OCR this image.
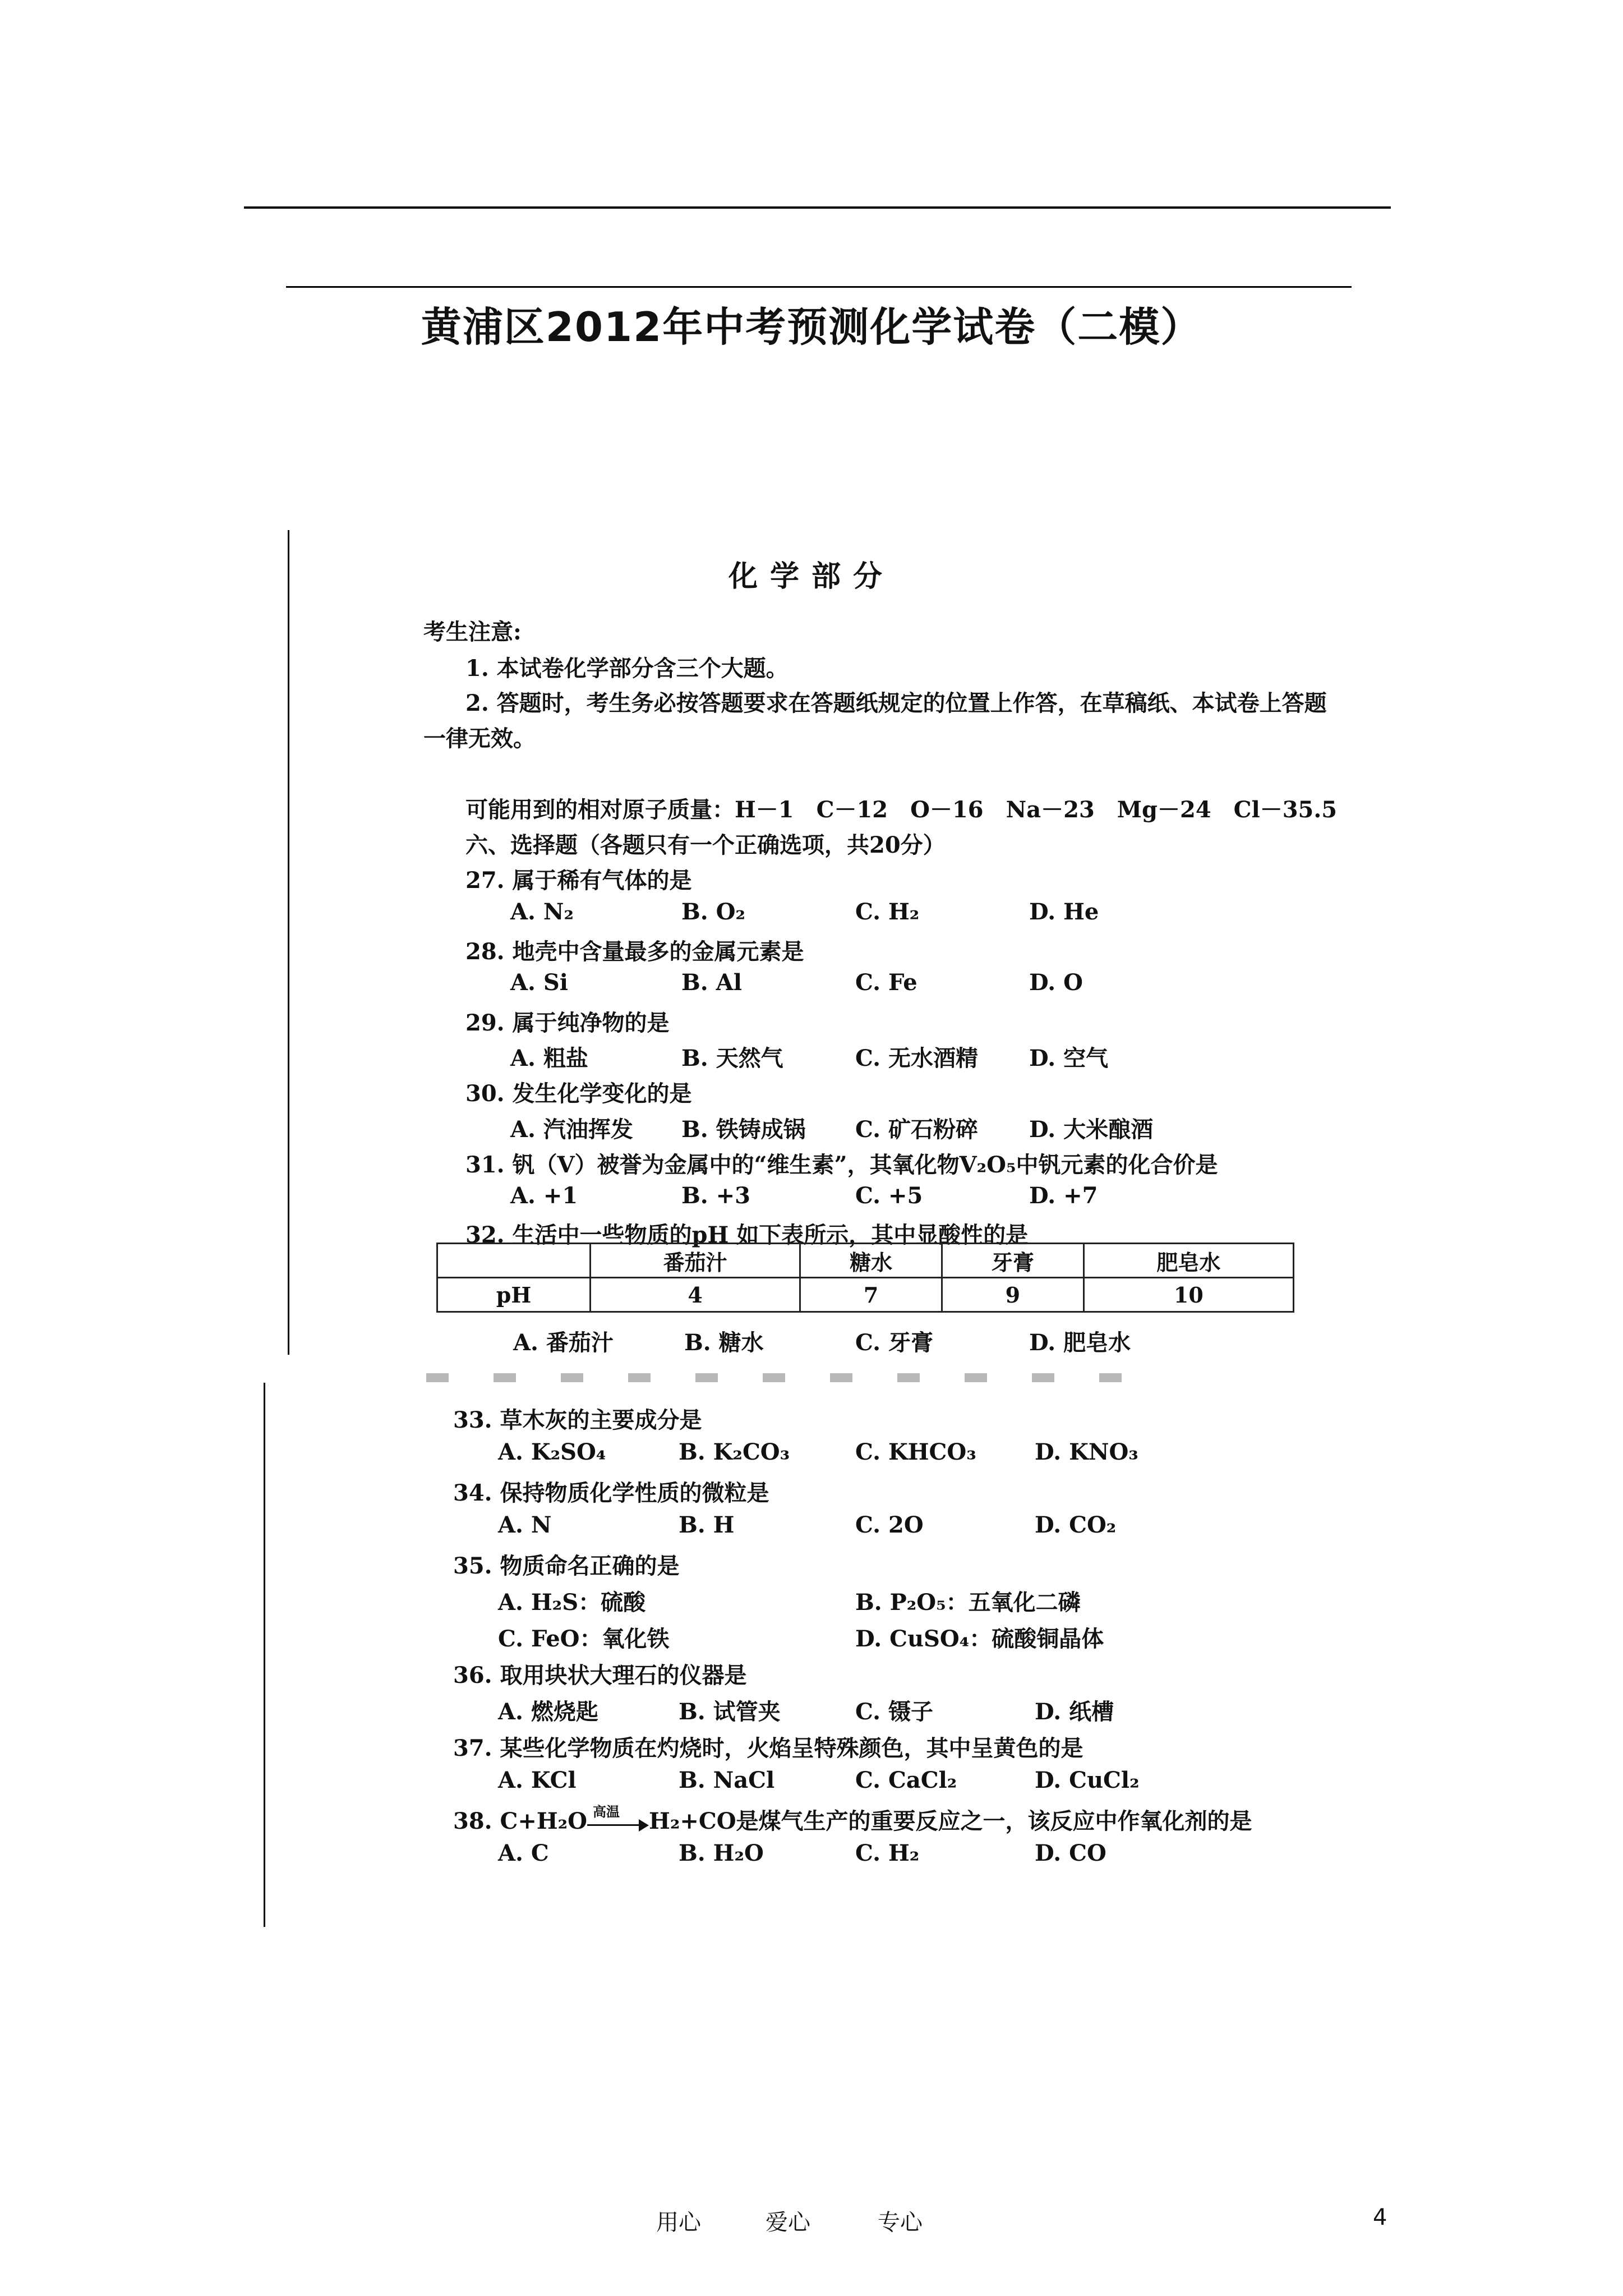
黄浦区2012年中考预测化学试卷（二模）
化学部分
考生注意:
1. 本试卷化学部分含三个大题。
2. 答题时，考生务必按答题要求在答题纸规定的位置上作答，在草稿纸、本试卷上答题
一律无效。
可能用到的相对原子质量：H－1　C－12　O－16　Na－23　Mg－24　Cl－35.5
六、选择题（各题只有一个正确选项，共20分）
27. 属于稀有气体的是
A. N₂	B. O₂	C. H₂	D. He
28. 地壳中含量最多的金属元素是
A. Si	B. Al	C. Fe	D. O
29. 属于纯净物的是
A. 粗盐	B. 天然气	C. 无水酒精 D. 空气
30. 发生化学变化的是
A. 汽油挥发 B. 铁铸成锅 C. 矿石粉碎 D. 大米酿酒
31. 钒（V）被誉为金属中的“维生素”，其氧化物V₂O₅中钒元素的化合价是
A. +1	B. +3	C. +5	D. +7
32. 生活中一些物质的pH 如下表所示，其中显酸性的是
	番茄汁	糖水	牙膏	肥皂水
pH	4	7	9	10
A. 番茄汁	B. 糖水	C. 牙膏	D. 肥皂水
33. 草木灰的主要成分是
A. K₂SO₄	B. K₂CO₃	C. KHCO₃	D. KNO₃
34. 保持物质化学性质的微粒是
A. N	B. H	C. 2O	D. CO₂
35. 物质命名正确的是
A. H₂S：硫酸	B. P₂O₅：五氧化二磷
C. FeO：氧化铁	D. CuSO₄：硫酸铜晶体
36. 取用块状大理石的仪器是
A. 燃烧匙	B. 试管夹	C. 镊子	D. 纸槽
37. 某些化学物质在灼烧时，火焰呈特殊颜色，其中呈黄色的是
A. KCl	B. NaCl	C. CaCl₂	D. CuCl₂
38. C+H₂O 高温 H₂+CO是煤气生产的重要反应之一，该反应中作氧化剂的是
A. C	B. H₂O	C. H₂	D. CO
用心	爱心	专心	4
